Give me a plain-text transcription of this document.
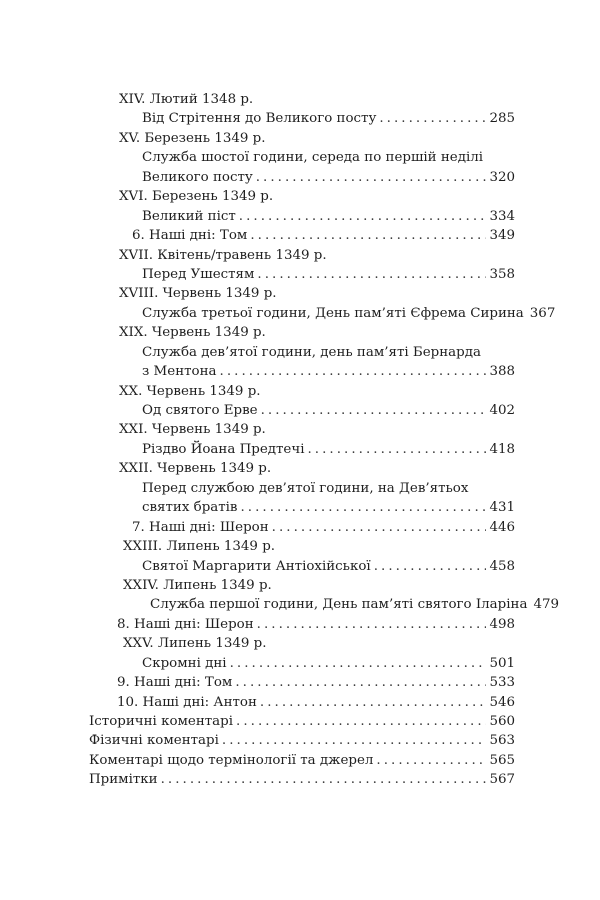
XIV. Лютий 1348 р.
Від Стрітення до Великого посту . . .	285
XV. Березень 1349 р.
Служба шостої години, середа по першій неділі
Великого посту . . .	320
XVI. Березень 1349 р.
Великий піст . . .	334
6. Наші дні: Том . . .	349
XVII. Квітень/травень 1349 р.
Перед Ушестям . . .	358
XVIII. Червень 1349 р.
Служба третьої години, День пам’яті Єфрема Сирина 367
XIX. Червень 1349 р.
Служба дев’ятої години, день пам’яті Бернарда
з Ментона . . .	388
XX. Червень 1349 р.
Од святого Ерве . . .	402
XXI. Червень 1349 р.
Різдво Йоана Предтечі . . .	418
XXII. Червень 1349 р.
Перед службою дев’ятої години, на Дев’ятьох
святих братів . . .	431
7. Наші дні: Шерон . . .	446
XXIII. Липень 1349 р.
Святої Маргарити Антіохійської . . .	458
XXIV. Липень 1349 р.
Служба першої години, День пам’яті святого Іларіна 479
8. Наші дні: Шерон . . .	498
XXV. Липень 1349 р.
Скромні дні . . .	501
9. Наші дні: Том . . .	533
10. Наші дні: Антон . . .	546
Історичні коментарі . . .	560
Фізичні коментарі . . .	563
Коментарі щодо термінології та джерел . . .	565
Примітки . . .	567
